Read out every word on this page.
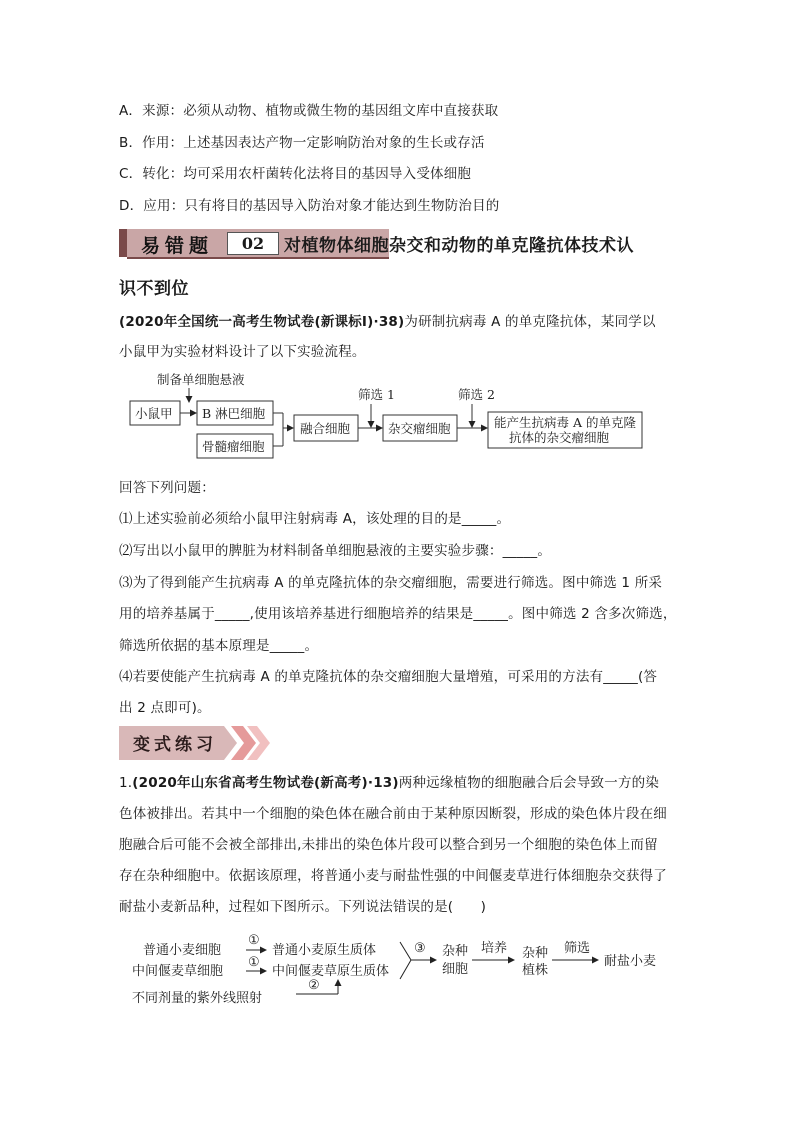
A．来源：必须从动物、植物或微生物的基因组文库中直接获取
B．作用：上述基因表达产物一定影响防治对象的生长或存活
C．转化：均可采用农杆菌转化法将目的基因导入受体细胞
D．应用：只有将目的基因导入防治对象才能达到生物防治目的
易错题	02	对植物体细胞杂交和动物的单克隆抗体技术认
识不到位
(2020年全国统一高考生物试卷(新课标Ⅰ)·38)为研制抗病毒 A 的单克隆抗体，某同学以
小鼠甲为实验材料设计了以下实验流程。
制备单细胞悬液
筛选 1	筛选 2
小鼠甲 B 淋巴细胞
骨髓瘤细胞
融合细胞	杂交瘤细胞	能产生抗病毒 A 的单克隆
抗体的杂交瘤细胞
回答下列问题：
⑴上述实验前必须给小鼠甲注射病毒 A，该处理的目的是_____。
⑵写出以小鼠甲的脾脏为材料制备单细胞悬液的主要实验步骤：_____。
⑶为了得到能产生抗病毒 A 的单克隆抗体的杂交瘤细胞，需要进行筛选。图中筛选 1 所采
用的培养基属于_____,使用该培养基进行细胞培养的结果是_____。图中筛选 2 含多次筛选，
筛选所依据的基本原理是_____。
⑷若要使能产生抗病毒 A 的单克隆抗体的杂交瘤细胞大量增殖，可采用的方法有_____(答
出 2 点即可)。
变式练习
1.(2020年山东省高考生物试卷(新高考)·13)两种远缘植物的细胞融合后会导致一方的染
色体被排出。若其中一个细胞的染色体在融合前由于某种原因断裂，形成的染色体片段在细
胞融合后可能不会被全部排出,未排出的染色体片段可以整合到另一个细胞的染色体上而留
存在杂种细胞中。依据该原理，将普通小麦与耐盐性强的中间偃麦草进行体细胞杂交获得了
耐盐小麦新品种，过程如下图所示。下列说法错误的是(　　)
普通小麦细胞
中间偃麦草细胞
不同剂量的紫外线照射
①
①
②
③
普通小麦原生质体
中间偃麦草原生质体
杂种
细胞
培养 杂种
植株
筛选
耐盐小麦
